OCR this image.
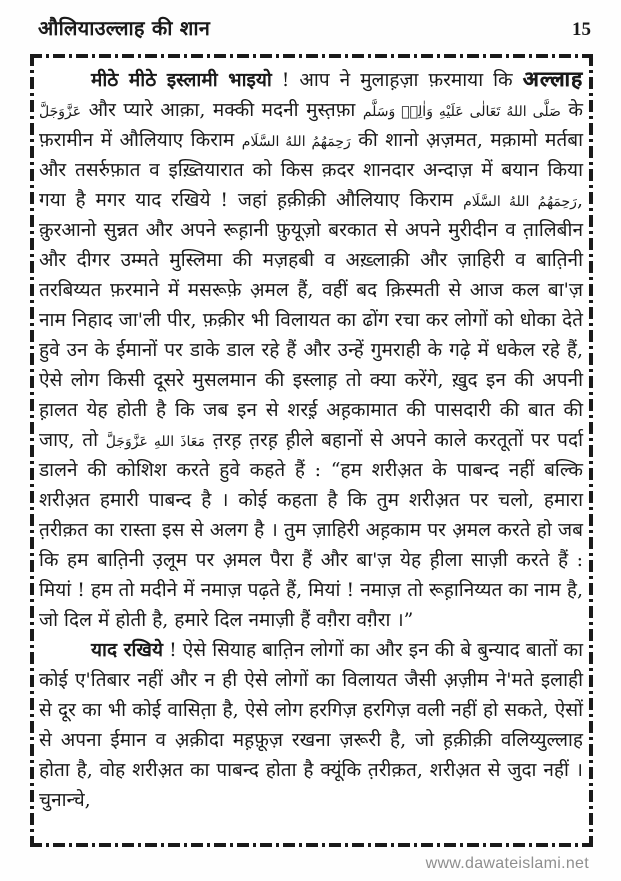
औलियाउल्लाह की शान	15

मीठे मीठे इस्लामी भाइयो ! आप ने मुलाह़ज़ा फ़रमाया कि अल्लाह عَزَّوَجَلَّ और प्यारे आक़ा, मक्की मदनी मुस्त़फ़ा صَلَّى اللهُ تَعَالٰى عَلَيْهِ وَاٰلِهٖ وَسَلَّم के फ़रामीन में औलियाए किराम رَحِمَهُمُ اللهُ السَّلَام की शानो अ़ज़मत, मक़ामो मर्तबा और तसर्रुफ़ात व इख़्तियारात को किस क़दर शानदार अन्दाज़ में बयान किया गया है मगर याद रखिये ! जहां ह़क़ीक़ी औलियाए किराम رَحِمَهُمُ اللهُ السَّلَام, क़ुरआनो सुन्नत और अपने रूह़ानी फ़ुयूज़ो बरकात से अपने मुरीदीन व त़ालिबीन और दीगर उम्मते मुस्लिमा की मज़हबी व अख़्लाक़ी और ज़ाहिरी व बात़िनी तरबिय्यत फ़रमाने में मसरूफ़े अ़मल हैं, वहीं बद क़िस्मती से आज कल बा'ज़ नाम निहाद जा'ली पीर, फ़क़ीर भी विलायत का ढोंग रचा कर लोगों को धोका देते हुवे उन के ईमानों पर डाके डाल रहे हैं और उन्हें गुमराही के गढ़े में धकेल रहे हैं, ऐसे लोग किसी दूसरे मुसलमान की इस्लाह़ तो क्या करेंगे, ख़ुद इन की अपनी ह़ालत येह होती है कि जब इन से शरई़ अह़कामात की पासदारी की बात की जाए, तो مَعَاذَ اللهِ عَزَّوَجَلَّ त़रह़ त़रह़ ह़ीले बहानों से अपने काले करतूतों पर पर्दा डालने की कोशिश करते हुवे कहते हैं : “हम शरीअ़त के पाबन्द नहीं बल्कि शरीअ़त हमारी पाबन्द है । कोई कहता है कि तुम शरीअ़त पर चलो, हमारा त़रीक़त का रास्ता इस से अलग है । तुम ज़ाहिरी अह़काम पर अ़मल करते हो जब कि हम बात़िनी उ़लूम पर अ़मल पैरा हैं और बा'ज़ येह ह़ीला साज़ी करते हैं : मियां ! हम तो मदीने में नमाज़ पढ़ते हैं, मियां ! नमाज़ तो रूह़ानिय्यत का नाम है, जो दिल में होती है, हमारे दिल नमाज़ी हैं वग़ैरा वग़ैरा ।”

याद रखिये ! ऐसे सियाह बात़िन लोगों का और इन की बे बुन्याद बातों का कोई ए'तिबार नहीं और न ही ऐसे लोगों का विलायत जैसी अ़ज़ीम ने'मते इलाही से दूर का भी कोई वासित़ा है, ऐसे लोग हरगिज़ हरगिज़ वली नहीं हो सकते, ऐसों से अपना ईमान व अ़क़ीदा मह़फ़ूज़ रखना ज़रूरी है, जो ह़क़ीक़ी वलिय्युल्लाह होता है, वोह शरीअ़त का पाबन्द होता है क्यूंकि त़रीक़त, शरीअ़त से जुदा नहीं । चुनान्चे,

www.dawateislami.net
